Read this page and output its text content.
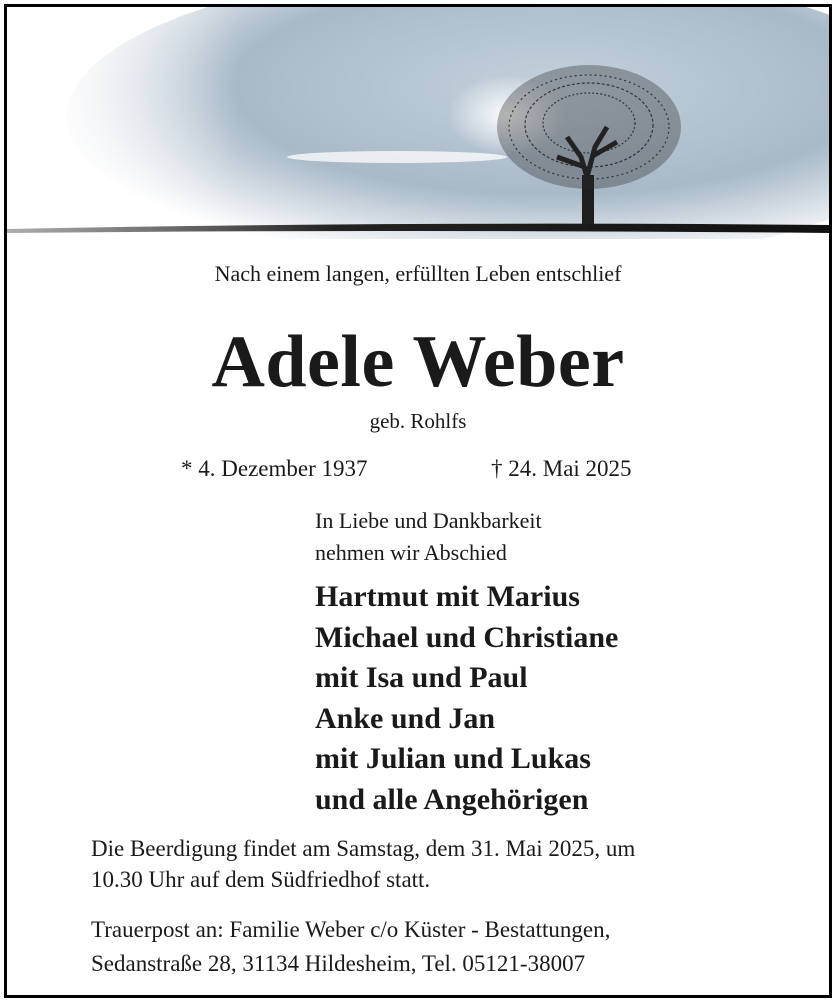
Nach einem langen, erfüllten Leben entschlief
Adele Weber
geb. Rohlfs
* 4. Dezember 1937	† 24. Mai 2025
In Liebe und Dankbarkeit
nehmen wir Abschied
Hartmut mit Marius
Michael und Christiane
mit Isa und Paul
Anke und Jan
mit Julian und Lukas
und alle Angehörigen
Die Beerdigung findet am Samstag, dem 31. Mai 2025, um
10.30 Uhr auf dem Südfriedhof statt.
Trauerpost an: Familie Weber c/o Küster - Bestattungen,
Sedanstraße 28, 31134 Hildesheim, Tel. 05121-38007
